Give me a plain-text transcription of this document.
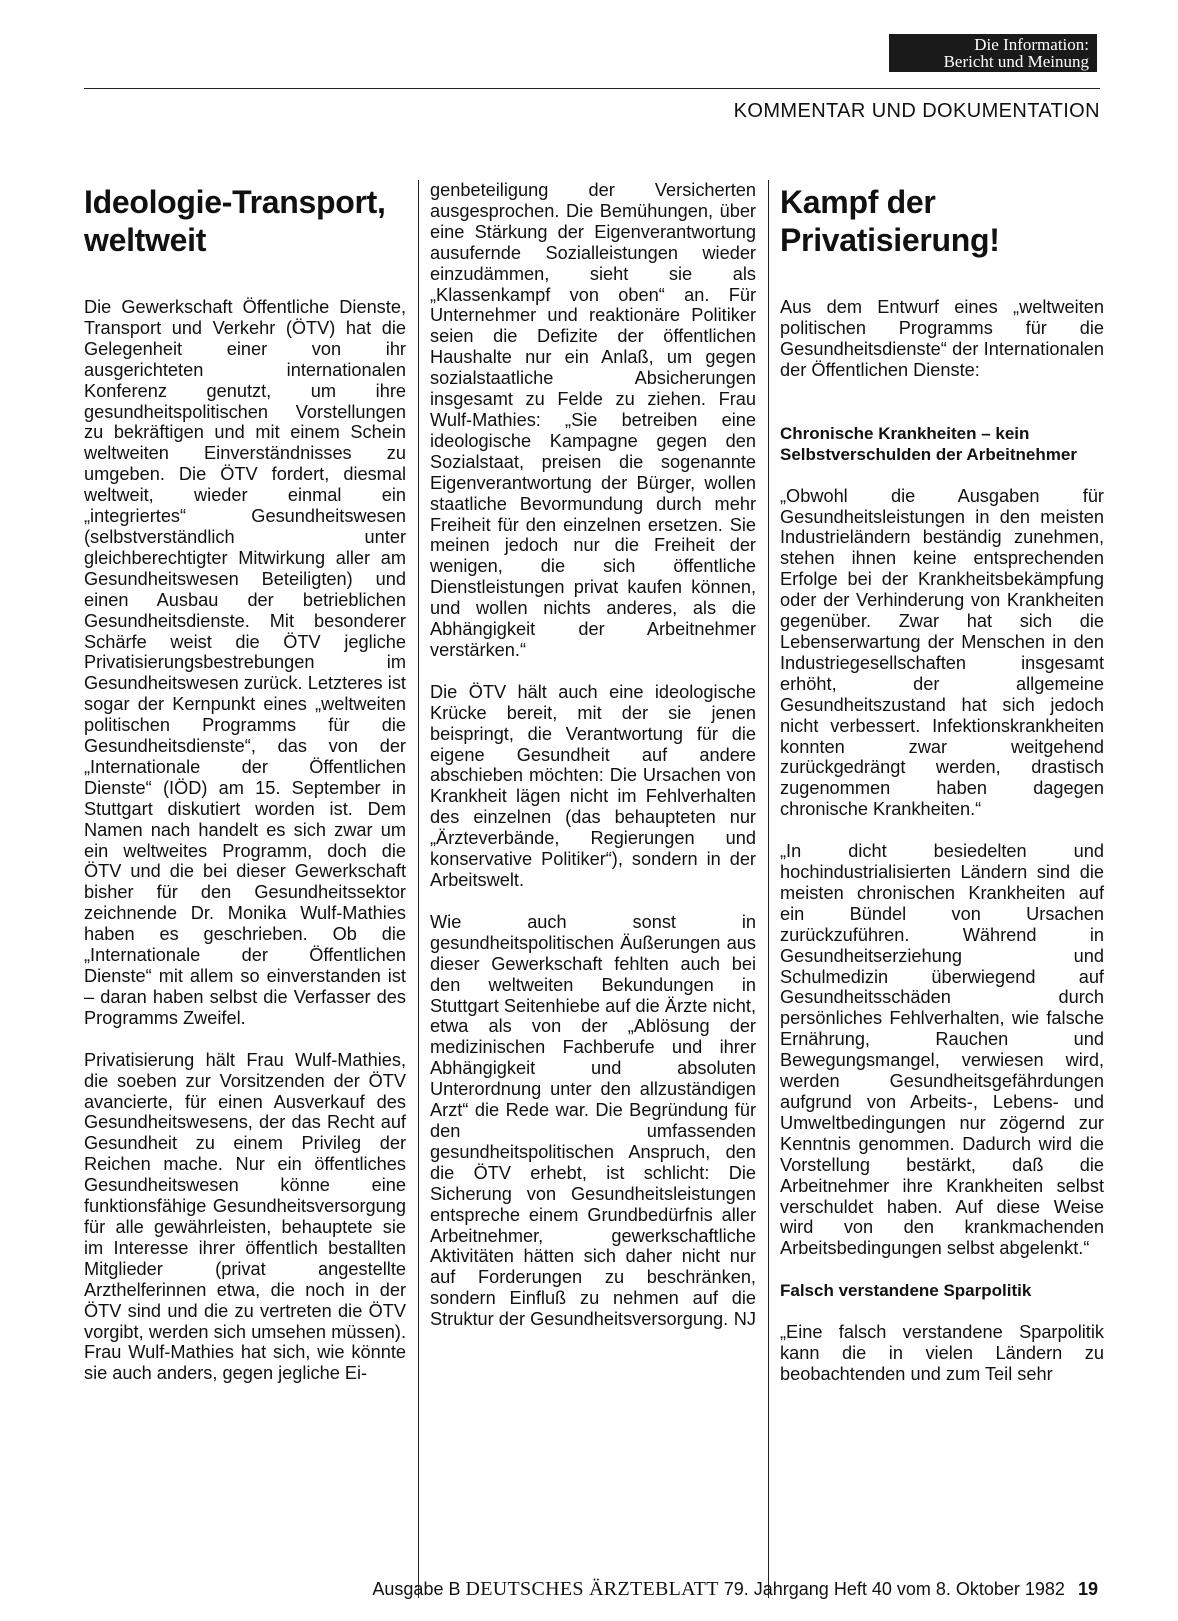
Die Information:
Bericht und Meinung
KOMMENTAR UND DOKUMENTATION
Ideologie-Transport, weltweit

Die Gewerkschaft Öffentliche Dienste, Transport und Verkehr (ÖTV) hat die Gelegenheit einer von ihr ausgerichteten internationalen Konferenz genutzt, um ihre gesundheitspolitischen Vorstellungen zu bekräftigen und mit einem Schein weltweiten Einverständnisses zu umgeben. Die ÖTV fordert, diesmal weltweit, wieder einmal ein „integriertes“ Gesundheitswesen (selbstverständlich unter gleichberechtigter Mitwirkung aller am Gesundheitswesen Beteiligten) und einen Ausbau der betrieblichen Gesundheitsdienste. Mit besonderer Schärfe weist die ÖTV jegliche Privatisierungsbestrebungen im Gesundheitswesen zurück. Letzteres ist sogar der Kernpunkt eines „weltweiten politischen Programms für die Gesundheitsdienste“, das von der „Internationale der Öffentlichen Dienste“ (IÖD) am 15. September in Stuttgart diskutiert worden ist. Dem Namen nach handelt es sich zwar um ein weltweites Programm, doch die ÖTV und die bei dieser Gewerkschaft bisher für den Gesundheitssektor zeichnende Dr. Monika Wulf-Mathies haben es geschrieben. Ob die „Internationale der Öffentlichen Dienste“ mit allem so einverstanden ist – daran haben selbst die Verfasser des Programms Zweifel.

Privatisierung hält Frau Wulf-Mathies, die soeben zur Vorsitzenden der ÖTV avancierte, für einen Ausverkauf des Gesundheitswesens, der das Recht auf Gesundheit zu einem Privileg der Reichen mache. Nur ein öffentliches Gesundheitswesen könne eine funktionsfähige Gesundheitsversorgung für alle gewährleisten, behauptete sie im Interesse ihrer öffentlich bestallten Mitglieder (privat angestellte Arzthelferinnen etwa, die noch in der ÖTV sind und die zu vertreten die ÖTV vorgibt, werden sich umsehen müssen). Frau Wulf-Mathies hat sich, wie könnte sie auch anders, gegen jegliche Ei-

genbeteiligung der Versicherten ausgesprochen. Die Bemühungen, über eine Stärkung der Eigenverantwortung ausufernde Sozialleistungen wieder einzudämmen, sieht sie als „Klassenkampf von oben“ an. Für Unternehmer und reaktionäre Politiker seien die Defizite der öffentlichen Haushalte nur ein Anlaß, um gegen sozialstaatliche Absicherungen insgesamt zu Felde zu ziehen. Frau Wulf-Mathies: „Sie betreiben eine ideologische Kampagne gegen den Sozialstaat, preisen die sogenannte Eigenverantwortung der Bürger, wollen staatliche Bevormundung durch mehr Freiheit für den einzelnen ersetzen. Sie meinen jedoch nur die Freiheit der wenigen, die sich öffentliche Dienstleistungen privat kaufen können, und wollen nichts anderes, als die Abhängigkeit der Arbeitnehmer verstärken.“

Die ÖTV hält auch eine ideologische Krücke bereit, mit der sie jenen beispringt, die Verantwortung für die eigene Gesundheit auf andere abschieben möchten: Die Ursachen von Krankheit lägen nicht im Fehlverhalten des einzelnen (das behaupteten nur „Ärzteverbände, Regierungen und konservative Politiker“), sondern in der Arbeitswelt.

Wie auch sonst in gesundheitspolitischen Äußerungen aus dieser Gewerkschaft fehlten auch bei den weltweiten Bekundungen in Stuttgart Seitenhiebe auf die Ärzte nicht, etwa als von der „Ablösung der medizinischen Fachberufe und ihrer Abhängigkeit und absoluten Unterordnung unter den allzuständigen Arzt“ die Rede war. Die Begründung für den umfassenden gesundheitspolitischen Anspruch, den die ÖTV erhebt, ist schlicht: Die Sicherung von Gesundheitsleistungen entspreche einem Grundbedürfnis aller Arbeitnehmer, gewerkschaftliche Aktivitäten hätten sich daher nicht nur auf Forderungen zu beschränken, sondern Einfluß zu nehmen auf die Struktur der Gesundheitsversorgung. NJ

Kampf der Privatisierung!

Aus dem Entwurf eines „weltweiten politischen Programms für die Gesundheitsdienste“ der Internationalen der Öffentlichen Dienste:

Chronische Krankheiten – kein Selbstverschulden der Arbeitnehmer

„Obwohl die Ausgaben für Gesundheitsleistungen in den meisten Industrieländern beständig zunehmen, stehen ihnen keine entsprechenden Erfolge bei der Krankheitsbekämpfung oder der Verhinderung von Krankheiten gegenüber. Zwar hat sich die Lebenserwartung der Menschen in den Industriegesellschaften insgesamt erhöht, der allgemeine Gesundheitszustand hat sich jedoch nicht verbessert. Infektionskrankheiten konnten zwar weitgehend zurückgedrängt werden, drastisch zugenommen haben dagegen chronische Krankheiten.“

„In dicht besiedelten und hochindustrialisierten Ländern sind die meisten chronischen Krankheiten auf ein Bündel von Ursachen zurückzuführen. Während in Gesundheitserziehung und Schulmedizin überwiegend auf Gesundheitsschäden durch persönliches Fehlverhalten, wie falsche Ernährung, Rauchen und Bewegungsmangel, verwiesen wird, werden Gesundheitsgefährdungen aufgrund von Arbeits-, Lebens- und Umweltbedingungen nur zögernd zur Kenntnis genommen. Dadurch wird die Vorstellung bestärkt, daß die Arbeitnehmer ihre Krankheiten selbst verschuldet haben. Auf diese Weise wird von den krankmachenden Arbeitsbedingungen selbst abgelenkt.“

Falsch verstandene Sparpolitik

„Eine falsch verstandene Sparpolitik kann die in vielen Ländern zu beobachtenden und zum Teil sehr

Ausgabe B DEUTSCHES ÄRZTEBLATT 79. Jahrgang Heft 40 vom 8. Oktober 1982 19
